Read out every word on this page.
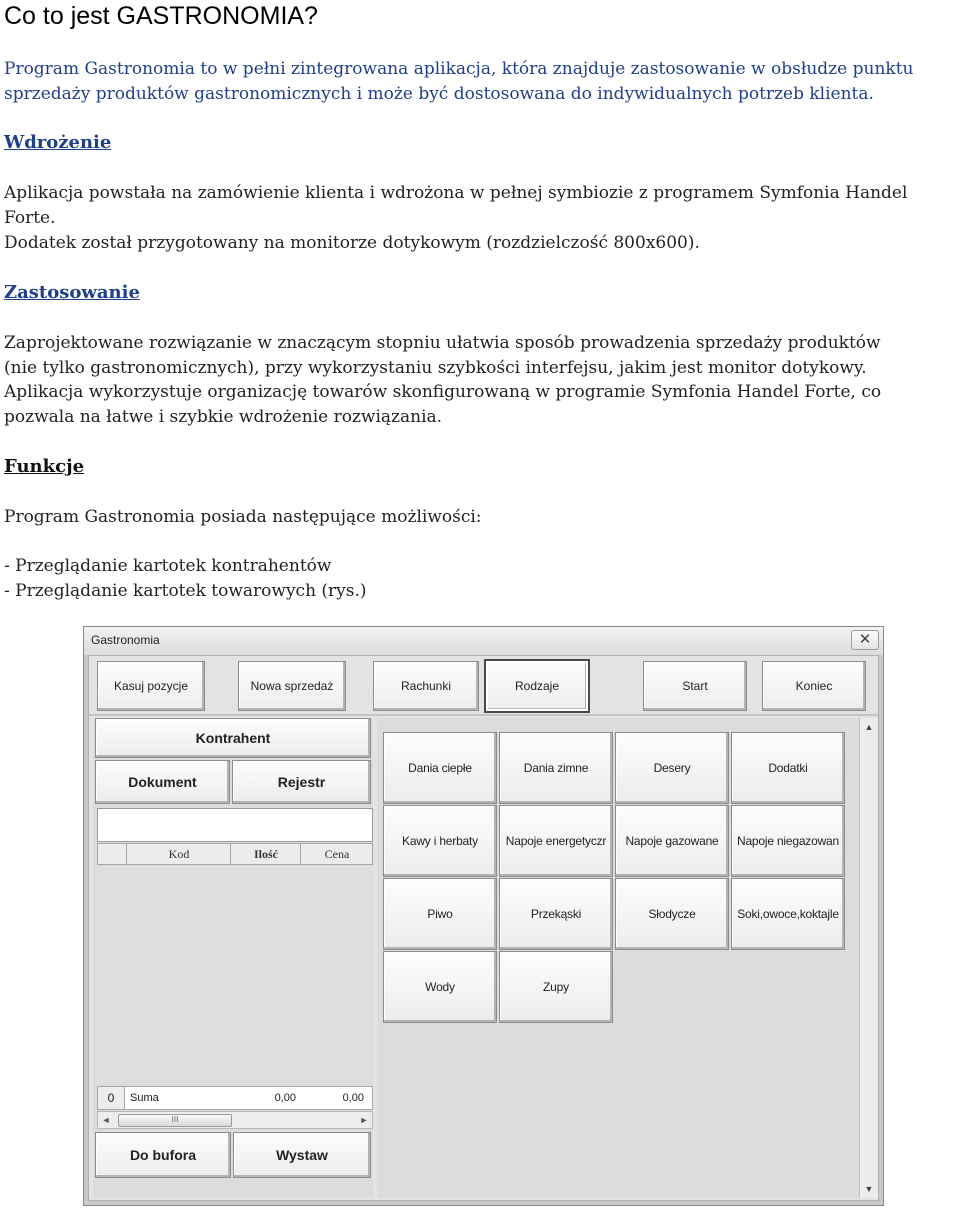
Co to jest GASTRONOMIA?

Program Gastronomia to w pełni zintegrowana aplikacja, która znajduje zastosowanie w obsłudze punktu

sprzedaży produktów gastronomicznych i może być dostosowana do indywidualnych potrzeb klienta.

Wdrożenie

Aplikacja powstała na zamówienie klienta i wdrożona w pełnej symbiozie z programem Symfonia Handel

Forte.

Dodatek został przygotowany na monitorze dotykowym (rozdzielczość 800x600).

Zastosowanie

Zaprojektowane rozwiązanie w znaczącym stopniu ułatwia sposób prowadzenia sprzedaży produktów

(nie tylko gastronomicznych), przy wykorzystaniu szybkości interfejsu, jakim jest monitor dotykowy.

Aplikacja wykorzystuje organizację towarów skonfigurowaną w programie Symfonia Handel Forte, co

pozwala na łatwe i szybkie wdrożenie rozwiązania.

Funkcje

Program Gastronomia posiada następujące możliwości:

- Przeglądanie kartotek kontrahentów

- Przeglądanie kartotek towarowych (rys.)

Gastronomia	✕
Kasuj pozycje	Nowa sprzedaż	Rachunki	Rodzaje	Start	Koniec
Kontrahent
Dokument	Rejestr
Kod	Ilość	Cena
0	Suma	0,00	0,00
◄	III	►
Do bufora	Wystaw
Dania ciepłe	Dania zimne	Desery	Dodatki
Kawy i herbaty	Napoje energetyczr	Napoje gazowane	Napoje niegazowan
Piwo	Przekąski	Słodycze	Soki,owoce,koktajle
Wody	Zupy
▲
▼
